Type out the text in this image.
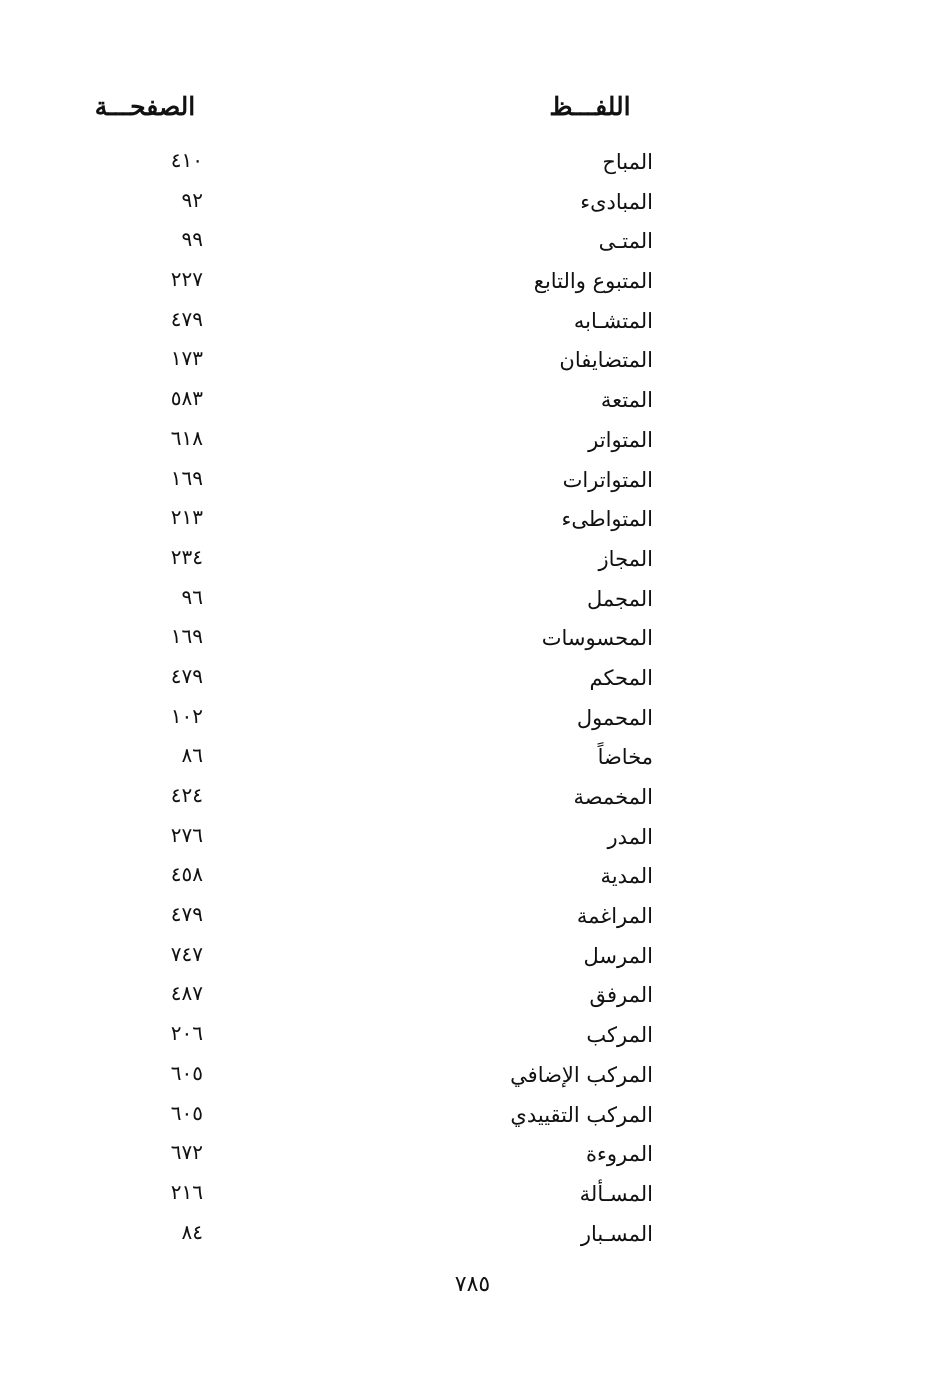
اللفـــظ
الصفحـــة
المباح
٤١٠
المبادىء
٩٢
المتـى
٩٩
المتبوع والتابع
٢٢٧
المتشـابه
٤٧٩
المتضايفان
١٧٣
المتعة
٥٨٣
المتواتر
٦١٨
المتواترات
١٦٩
المتواطىء
٢١٣
المجاز
٢٣٤
المجمل
٩٦
المحسوسات
١٦٩
المحكم
٤٧٩
المحمول
١٠٢
مخاضاً
٨٦
المخمصة
٤٢٤
المدر
٢٧٦
المدية
٤٥٨
المراغمة
٤٧٩
المرسل
٧٤٧
المرفق
٤٨٧
المركب
٢٠٦
المركب الإضافي
٦٠٥
المركب التقييدي
٦٠٥
المروءة
٦٧٢
المسـألة
٢١٦
المسـبار
٨٤
٧٨٥
